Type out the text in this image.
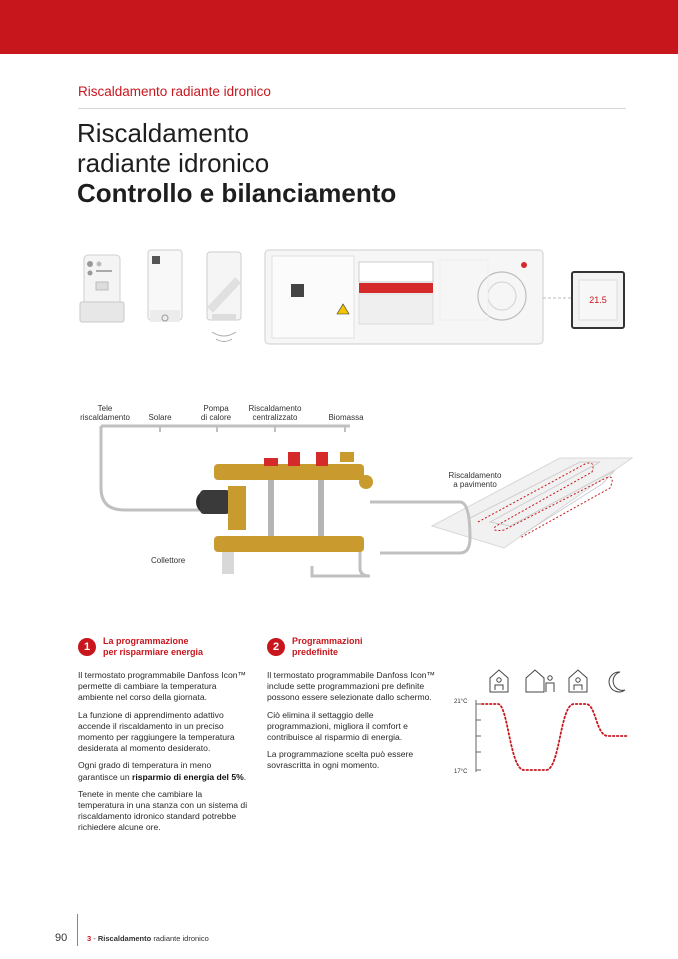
Riscaldamento radiante idronico
Riscaldamento
radiante idronico
Controllo e bilanciamento
21.5
Collettore
Tele
riscaldamento	Solare
Pompa
di calore
Riscaldamento
centralizzato	Biomassa
Riscaldamento
a pavimento
1	La programmazione
per risparmiare energia

Il termostato programmabile Danfoss Icon™ permette di cambiare la temperatura ambiente nel corso della giornata.

La funzione di apprendimento adattivo accende il riscaldamento in un preciso momento per raggiungere la temperatura desiderata al momento desiderato.

Ogni grado di temperatura in meno garantisce un risparmio di energia del 5%.

Tenete in mente che cambiare la temperatura in una stanza con un sistema di riscaldamento idronico standard potrebbe richiedere alcune ore.

2	Programmazioni
predefinite

Il termostato programmabile Danfoss Icon™ include sette programmazioni pre definite possono essere selezionate dallo schermo.

Ciò elimina il settaggio delle programmazioni, migliora il comfort e contribuisce al risparmio di energia.

La programmazione scelta può essere sovrascritta in ogni momento.

21°C
17°C
90	3 - Riscaldamento radiante idronico
